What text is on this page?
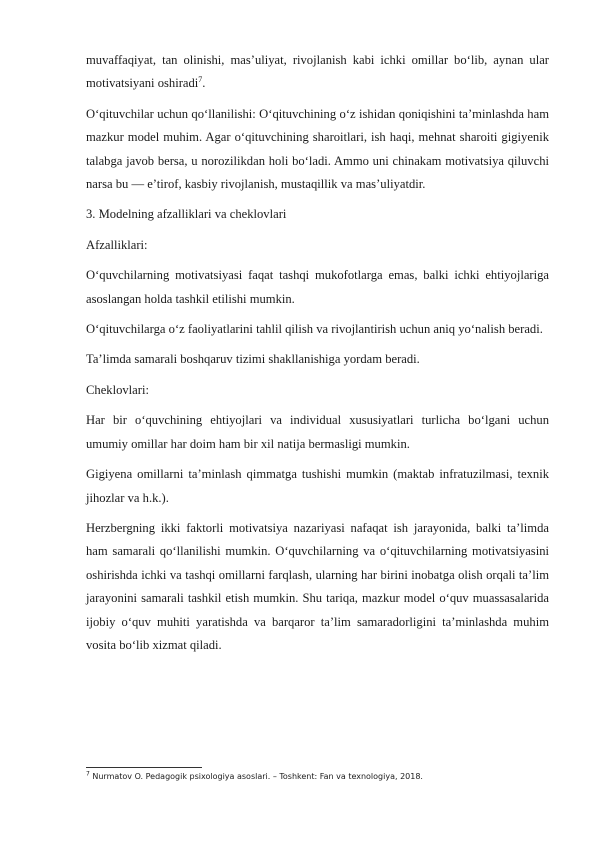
muvaffaqiyat, tan olinishi, mas’uliyat, rivojlanish kabi ichki omillar bo‘lib, aynan ular motivatsiyani oshiradi$^7$.

O‘qituvchilar uchun qo‘llanilishi: O‘qituvchining o‘z ishidan qoniqishini ta’minlashda ham mazkur model muhim. Agar o‘qituvchining sharoitlari, ish haqi, mehnat sharoiti gigiyenik talabga javob bersa, u norozilikdan holi bo‘ladi. Ammo uni chinakam motivatsiya qiluvchi narsa bu — e’tirof, kasbiy rivojlanish, mustaqillik va mas’uliyatdir.

3. Modelning afzalliklari va cheklovlari

Afzalliklari:

O‘quvchilarning motivatsiyasi faqat tashqi mukofotlarga emas, balki ichki ehtiyojlariga asoslangan holda tashkil etilishi mumkin.

O‘qituvchilarga o‘z faoliyatlarini tahlil qilish va rivojlantirish uchun aniq yo‘nalish beradi.

Ta’limda samarali boshqaruv tizimi shakllanishiga yordam beradi.

Cheklovlari:

Har bir o‘quvchining ehtiyojlari va individual xususiyatlari turlicha bo‘lgani uchun umumiy omillar har doim ham bir xil natija bermasligi mumkin.

Gigiyena omillarni ta’minlash qimmatga tushishi mumkin (maktab infratuzilmasi, texnik jihozlar va h.k.).

Herzbergning ikki faktorli motivatsiya nazariyasi nafaqat ish jarayonida, balki ta’limda ham samarali qo‘llanilishi mumkin. O‘quvchilarning va o‘qituvchilarning motivatsiyasini oshirishda ichki va tashqi omillarni farqlash, ularning har birini inobatga olish orqali ta’lim jarayonini samarali tashkil etish mumkin. Shu tariqa, mazkur model o‘quv muassasalarida ijobiy o‘quv muhiti yaratishda va barqaror ta’lim samaradorligini ta’minlashda muhim vosita bo‘lib xizmat qiladi.

$^7$ Nurmatov O. Pedagogik psixologiya asoslari. – Toshkent: Fan va texnologiya, 2018.
